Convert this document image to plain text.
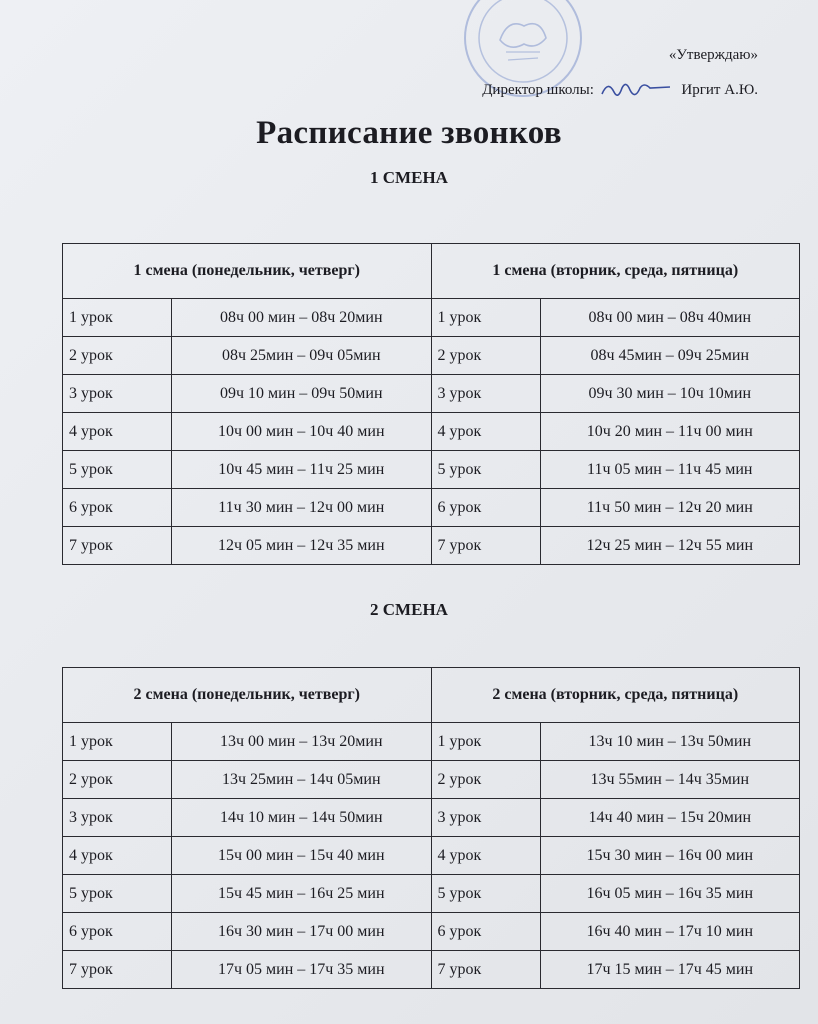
«Утверждаю»
Директор школы:	Иргит А.Ю.
Расписание звонков
1 СМЕНА
1 смена (понедельник, четверг)		1 смена (вторник, среда, пятница)	
1 урок	08ч 00 мин – 08ч 20мин	1 урок	08ч 00 мин – 08ч 40мин
2 урок	08ч 25мин – 09ч 05мин	2 урок	08ч 45мин – 09ч 25мин
3 урок	09ч 10 мин – 09ч 50мин	3 урок	09ч 30 мин – 10ч 10мин
4 урок	10ч 00 мин – 10ч 40 мин	4 урок	10ч 20 мин – 11ч 00 мин
5 урок	10ч 45 мин – 11ч 25 мин	5 урок	11ч 05 мин – 11ч 45 мин
6 урок	11ч 30 мин – 12ч 00 мин	6 урок	11ч 50 мин – 12ч 20 мин
7 урок	12ч 05 мин – 12ч 35 мин	7 урок	12ч 25 мин – 12ч 55 мин
2 СМЕНА
2 смена (понедельник, четверг)		2 смена (вторник, среда, пятница)	
1 урок	13ч 00 мин – 13ч 20мин	1 урок	13ч 10 мин – 13ч 50мин
2 урок	13ч 25мин – 14ч 05мин	2 урок	13ч 55мин – 14ч 35мин
3 урок	14ч 10 мин – 14ч 50мин	3 урок	14ч 40 мин – 15ч 20мин
4 урок	15ч 00 мин – 15ч 40 мин	4 урок	15ч 30 мин – 16ч 00 мин
5 урок	15ч 45 мин – 16ч 25 мин	5 урок	16ч 05 мин – 16ч 35 мин
6 урок	16ч 30 мин – 17ч 00 мин	6 урок	16ч 40 мин – 17ч 10 мин
7 урок	17ч 05 мин – 17ч 35 мин	7 урок	17ч 15 мин – 17ч 45 мин
